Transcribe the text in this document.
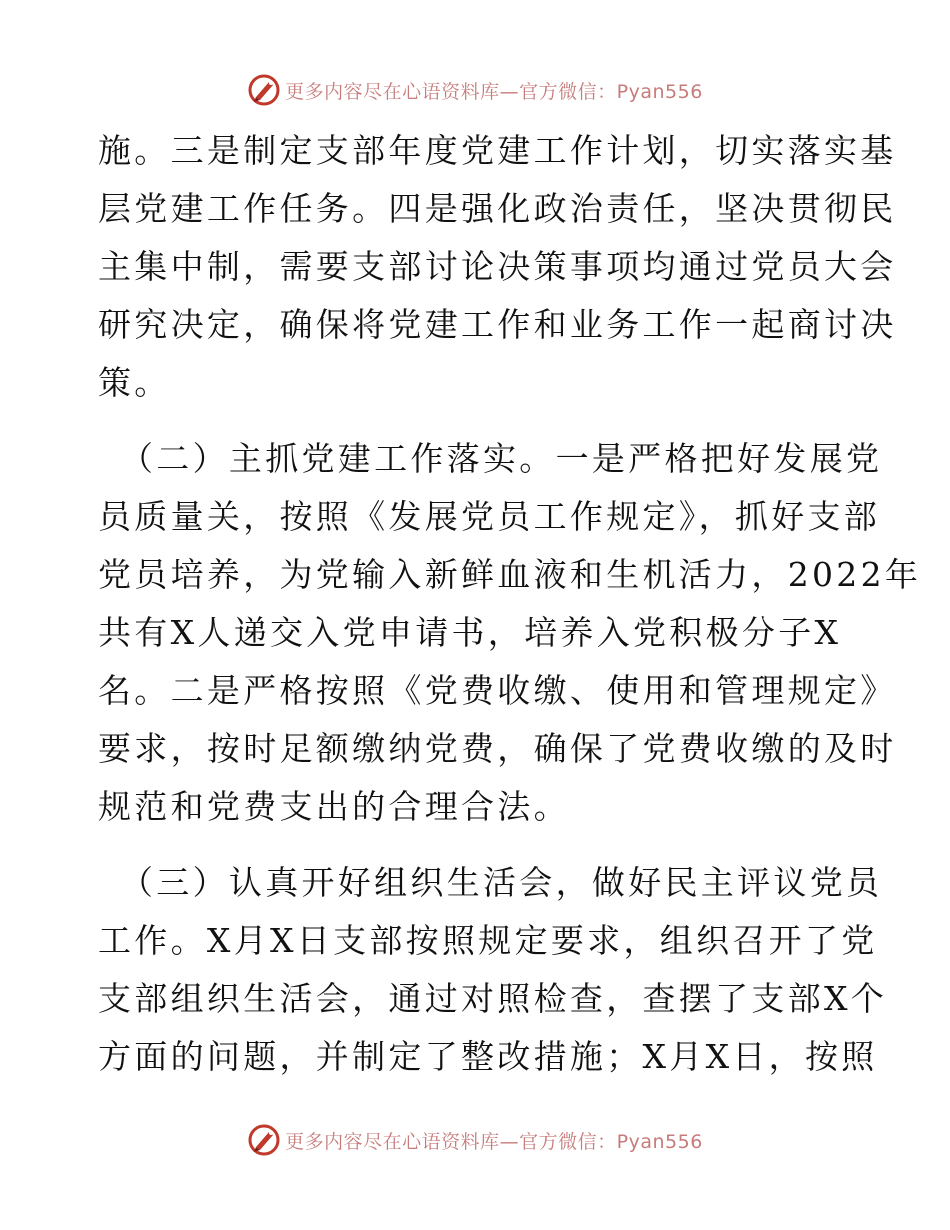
更多内容尽在心语资料库—官方微信：Pyan556
施。三是制定支部年度党建工作计划，切实落实基
层党建工作任务。四是强化政治责任，坚决贯彻民
主集中制，需要支部讨论决策事项均通过党员大会
研究决定，确保将党建工作和业务工作一起商讨决
策。
（二）主抓党建工作落实。一是严格把好发展党
员质量关，按照《发展党员工作规定》，抓好支部
党员培养，为党输入新鲜血液和生机活力，2022年
共有X人递交入党申请书，培养入党积极分子X
名。二是严格按照《党费收缴、使用和管理规定》
要求，按时足额缴纳党费，确保了党费收缴的及时
规范和党费支出的合理合法。
（三）认真开好组织生活会，做好民主评议党员
工作。X月X日支部按照规定要求，组织召开了党
支部组织生活会，通过对照检查，查摆了支部X个
方面的问题，并制定了整改措施；X月X日，按照
更多内容尽在心语资料库—官方微信：Pyan556
